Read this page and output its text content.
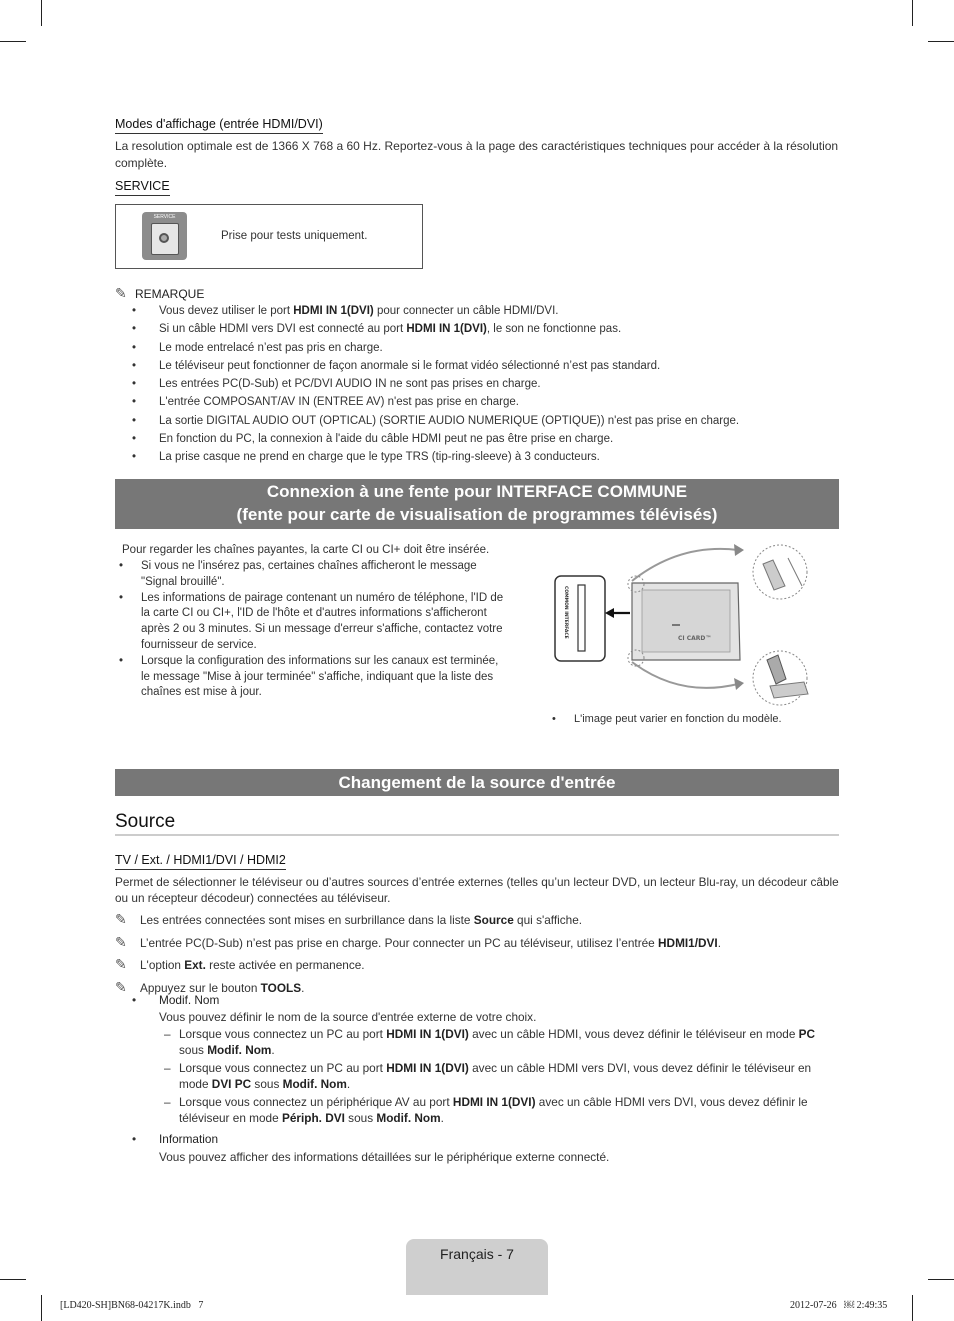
Modes d'affichage (entrée HDMI/DVI)
La resolution optimale est de 1366 X 768 a 60 Hz. Reportez-vous à la page des caractéristiques techniques pour accéder à la résolution complète.
SERVICE
SERVICE
Prise pour tests uniquement.
✎ REMARQUE
• Vous devez utiliser le port HDMI IN 1(DVI) pour connecter un câble HDMI/DVI.
• Si un câble HDMI vers DVI est connecté au port HDMI IN 1(DVI), le son ne fonctionne pas.
• Le mode entrelacé n’est pas pris en charge.
• Le téléviseur peut fonctionner de façon anormale si le format vidéo sélectionné n’est pas standard.
• Les entrées PC(D-Sub) et PC/DVI AUDIO IN ne sont pas prises en charge.
• L'entrée COMPOSANT/AV IN (ENTREE AV) n'est pas prise en charge.
• La sortie DIGITAL AUDIO OUT (OPTICAL) (SORTIE AUDIO NUMERIQUE (OPTIQUE)) n'est pas prise en charge.
• En fonction du PC, la connexion à l'aide du câble HDMI peut ne pas être prise en charge.
• La prise casque ne prend en charge que le type TRS (tip-ring-sleeve) à 3 conducteurs.
Connexion à une fente pour INTERFACE COMMUNE
(fente pour carte de visualisation de programmes télévisés)
Pour regarder les chaînes payantes, la carte CI ou CI+ doit être insérée.
• Si vous ne l'insérez pas, certaines chaînes afficheront le message "Signal brouillé".
• Les informations de pairage contenant un numéro de téléphone, l'ID de la carte CI ou CI+, l'ID de l'hôte et d'autres informations s'afficheront après 2 ou 3 minutes. Si un message d'erreur s'affiche, contactez votre fournisseur de service.
• Lorsque la configuration des informations sur les canaux est terminée, le message "Mise à jour terminée" s'affiche, indiquant que la liste des chaînes est mise à jour.
COMMON INTERFACE	CI CARD™
• L'image peut varier en fonction du modèle.
Changement de la source d'entrée
Source
TV / Ext. / HDMI1/DVI / HDMI2
Permet de sélectionner le téléviseur ou d’autres sources d’entrée externes (telles qu’un lecteur DVD, un lecteur Blu-ray, un décodeur câble ou un récepteur décodeur) connectées au téléviseur.
✎ Les entrées connectées sont mises en surbrillance dans la liste Source qui s'affiche.
✎ L’entrée PC(D-Sub) n’est pas prise en charge. Pour connecter un PC au téléviseur, utilisez l’entrée HDMI1/DVI.
✎ L'option Ext. reste activée en permanence.
✎ Appuyez sur le bouton TOOLS.
• Modif. Nom
Vous pouvez définir le nom de la source d'entrée externe de votre choix.
– Lorsque vous connectez un PC au port HDMI IN 1(DVI) avec un câble HDMI, vous devez définir le téléviseur en mode PC sous Modif. Nom.
– Lorsque vous connectez un PC au port HDMI IN 1(DVI) avec un câble HDMI vers DVI, vous devez définir le téléviseur en mode DVI PC sous Modif. Nom.
– Lorsque vous connectez un périphérique AV au port HDMI IN 1(DVI) avec un câble HDMI vers DVI, vous devez définir le téléviseur en mode Périph. DVI sous Modif. Nom.
• Information
Vous pouvez afficher des informations détaillées sur le périphérique externe connecté.
Français - 7
[LD420-SH]BN68-04217K.indb   7	2012-07-26   ￼ 2:49:35
